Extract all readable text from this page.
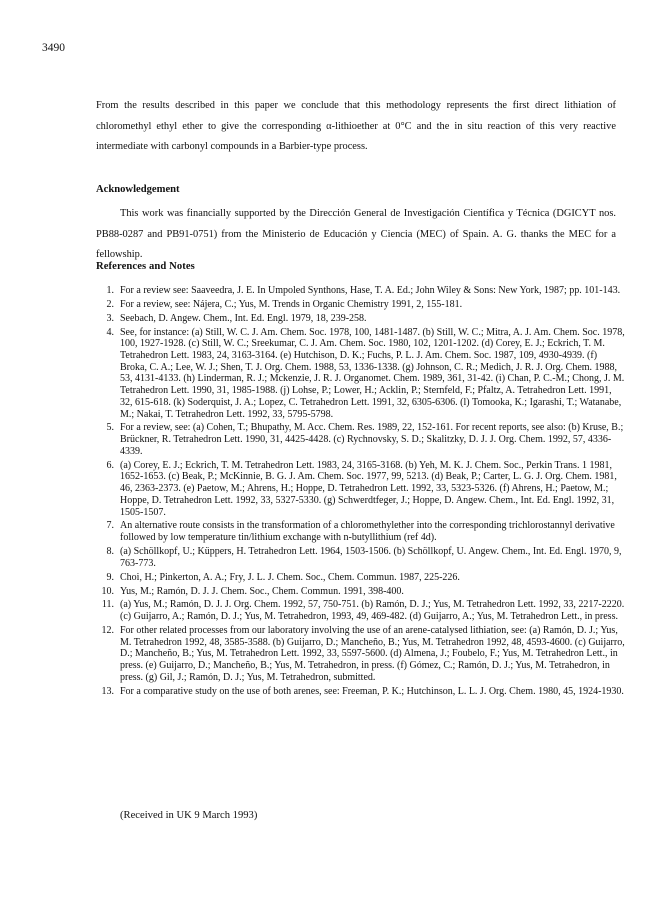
3490

From the results described in this paper we conclude that this methodology represents the first direct lithiation of chloromethyl ethyl ether to give the corresponding α-lithioether at 0°C and the in situ reaction of this very reactive intermediate with carbonyl compounds in a Barbier-type process.

Acknowledgement

This work was financially supported by the Dirección General de Investigación Científica y Técnica (DGICYT nos. PB88-0287 and PB91-0751) from the Ministerio de Educación y Ciencia (MEC) of Spain. A. G. thanks the MEC for a fellowship.

References and Notes
1. For a review see: Saaveedra, J. E. In Umpoled Synthons, Hase, T. A. Ed.; John Wiley & Sons: New York, 1987; pp. 101-143.
2. For a review, see: Nájera, C.; Yus, M. Trends in Organic Chemistry 1991, 2, 155-181.
3. Seebach, D. Angew. Chem., Int. Ed. Engl. 1979, 18, 239-258.
4. See, for instance: (a) Still, W. C. J. Am. Chem. Soc. 1978, 100, 1481-1487. (b) Still, W. C.; Mitra, A. J. Am. Chem. Soc. 1978, 100, 1927-1928. (c) Still, W. C.; Sreekumar, C. J. Am. Chem. Soc. 1980, 102, 1201-1202. (d) Corey, E. J.; Eckrich, T. M. Tetrahedron Lett. 1983, 24, 3163-3164. (e) Hutchison, D. K.; Fuchs, P. L. J. Am. Chem. Soc. 1987, 109, 4930-4939. (f) Broka, C. A.; Lee, W. J.; Shen, T. J. Org. Chem. 1988, 53, 1336-1338. (g) Johnson, C. R.; Medich, J. R. J. Org. Chem. 1988, 53, 4131-4133. (h) Linderman, R. J.; Mckenzie, J. R. J. Organomet. Chem. 1989, 361, 31-42. (i) Chan, P. C.-M.; Chong, J. M. Tetrahedron Lett. 1990, 31, 1985-1988. (j) Lohse, P.; Lower, H.; Acklin, P.; Sternfeld, F.; Pfaltz, A. Tetrahedron Lett. 1991, 32, 615-618. (k) Soderquist, J. A.; Lopez, C. Tetrahedron Lett. 1991, 32, 6305-6306. (l) Tomooka, K.; Igarashi, T.; Watanabe, M.; Nakai, T. Tetrahedron Lett. 1992, 33, 5795-5798.
5. For a review, see: (a) Cohen, T.; Bhupathy, M. Acc. Chem. Res. 1989, 22, 152-161. For recent reports, see also: (b) Kruse, B.; Brückner, R. Tetrahedron Lett. 1990, 31, 4425-4428. (c) Rychnovsky, S. D.; Skalitzky, D. J. J. Org. Chem. 1992, 57, 4336-4339.
6. (a) Corey, E. J.; Eckrich, T. M. Tetrahedron Lett. 1983, 24, 3165-3168. (b) Yeh, M. K. J. Chem. Soc., Perkin Trans. 1 1981, 1652-1653. (c) Beak, P.; McKinnie, B. G. J. Am. Chem. Soc. 1977, 99, 5213. (d) Beak, P.; Carter, L. G. J. Org. Chem. 1981, 46, 2363-2373. (e) Paetow, M.; Ahrens, H.; Hoppe, D. Tetrahedron Lett. 1992, 33, 5323-5326. (f) Ahrens, H.; Paetow, M.; Hoppe, D. Tetrahedron Lett. 1992, 33, 5327-5330. (g) Schwerdtfeger, J.; Hoppe, D. Angew. Chem., Int. Ed. Engl. 1992, 31, 1505-1507.
7. An alternative route consists in the transformation of a chloromethylether into the corresponding trichlorostannyl derivative followed by low temperature tin/lithium exchange with n-butyllithium (ref 4d).
8. (a) Schöllkopf, U.; Küppers, H. Tetrahedron Lett. 1964, 1503-1506. (b) Schöllkopf, U. Angew. Chem., Int. Ed. Engl. 1970, 9, 763-773.
9. Choi, H.; Pinkerton, A. A.; Fry, J. L. J. Chem. Soc., Chem. Commun. 1987, 225-226.
10. Yus, M.; Ramón, D. J. J. Chem. Soc., Chem. Commun. 1991, 398-400.
11. (a) Yus, M.; Ramón, D. J. J. Org. Chem. 1992, 57, 750-751. (b) Ramón, D. J.; Yus, M. Tetrahedron Lett. 1992, 33, 2217-2220. (c) Guijarro, A.; Ramón, D. J.; Yus, M. Tetrahedron, 1993, 49, 469-482. (d) Guijarro, A.; Yus, M. Tetrahedron Lett., in press.
12. For other related processes from our laboratory involving the use of an arene-catalysed lithiation, see: (a) Ramón, D. J.; Yus, M. Tetrahedron 1992, 48, 3585-3588. (b) Guijarro, D.; Mancheño, B.; Yus, M. Tetrahedron 1992, 48, 4593-4600. (c) Guijarro, D.; Mancheño, B.; Yus, M. Tetrahedron Lett. 1992, 33, 5597-5600. (d) Almena, J.; Foubelo, F.; Yus, M. Tetrahedron Lett., in press. (e) Guijarro, D.; Mancheño, B.; Yus, M. Tetrahedron, in press. (f) Gómez, C.; Ramón, D. J.; Yus, M. Tetrahedron, in press. (g) Gil, J.; Ramón, D. J.; Yus, M. Tetrahedron, submitted.
13. For a comparative study on the use of both arenes, see: Freeman, P. K.; Hutchinson, L. L. J. Org. Chem. 1980, 45, 1924-1930.
(Received in UK 9 March 1993)
